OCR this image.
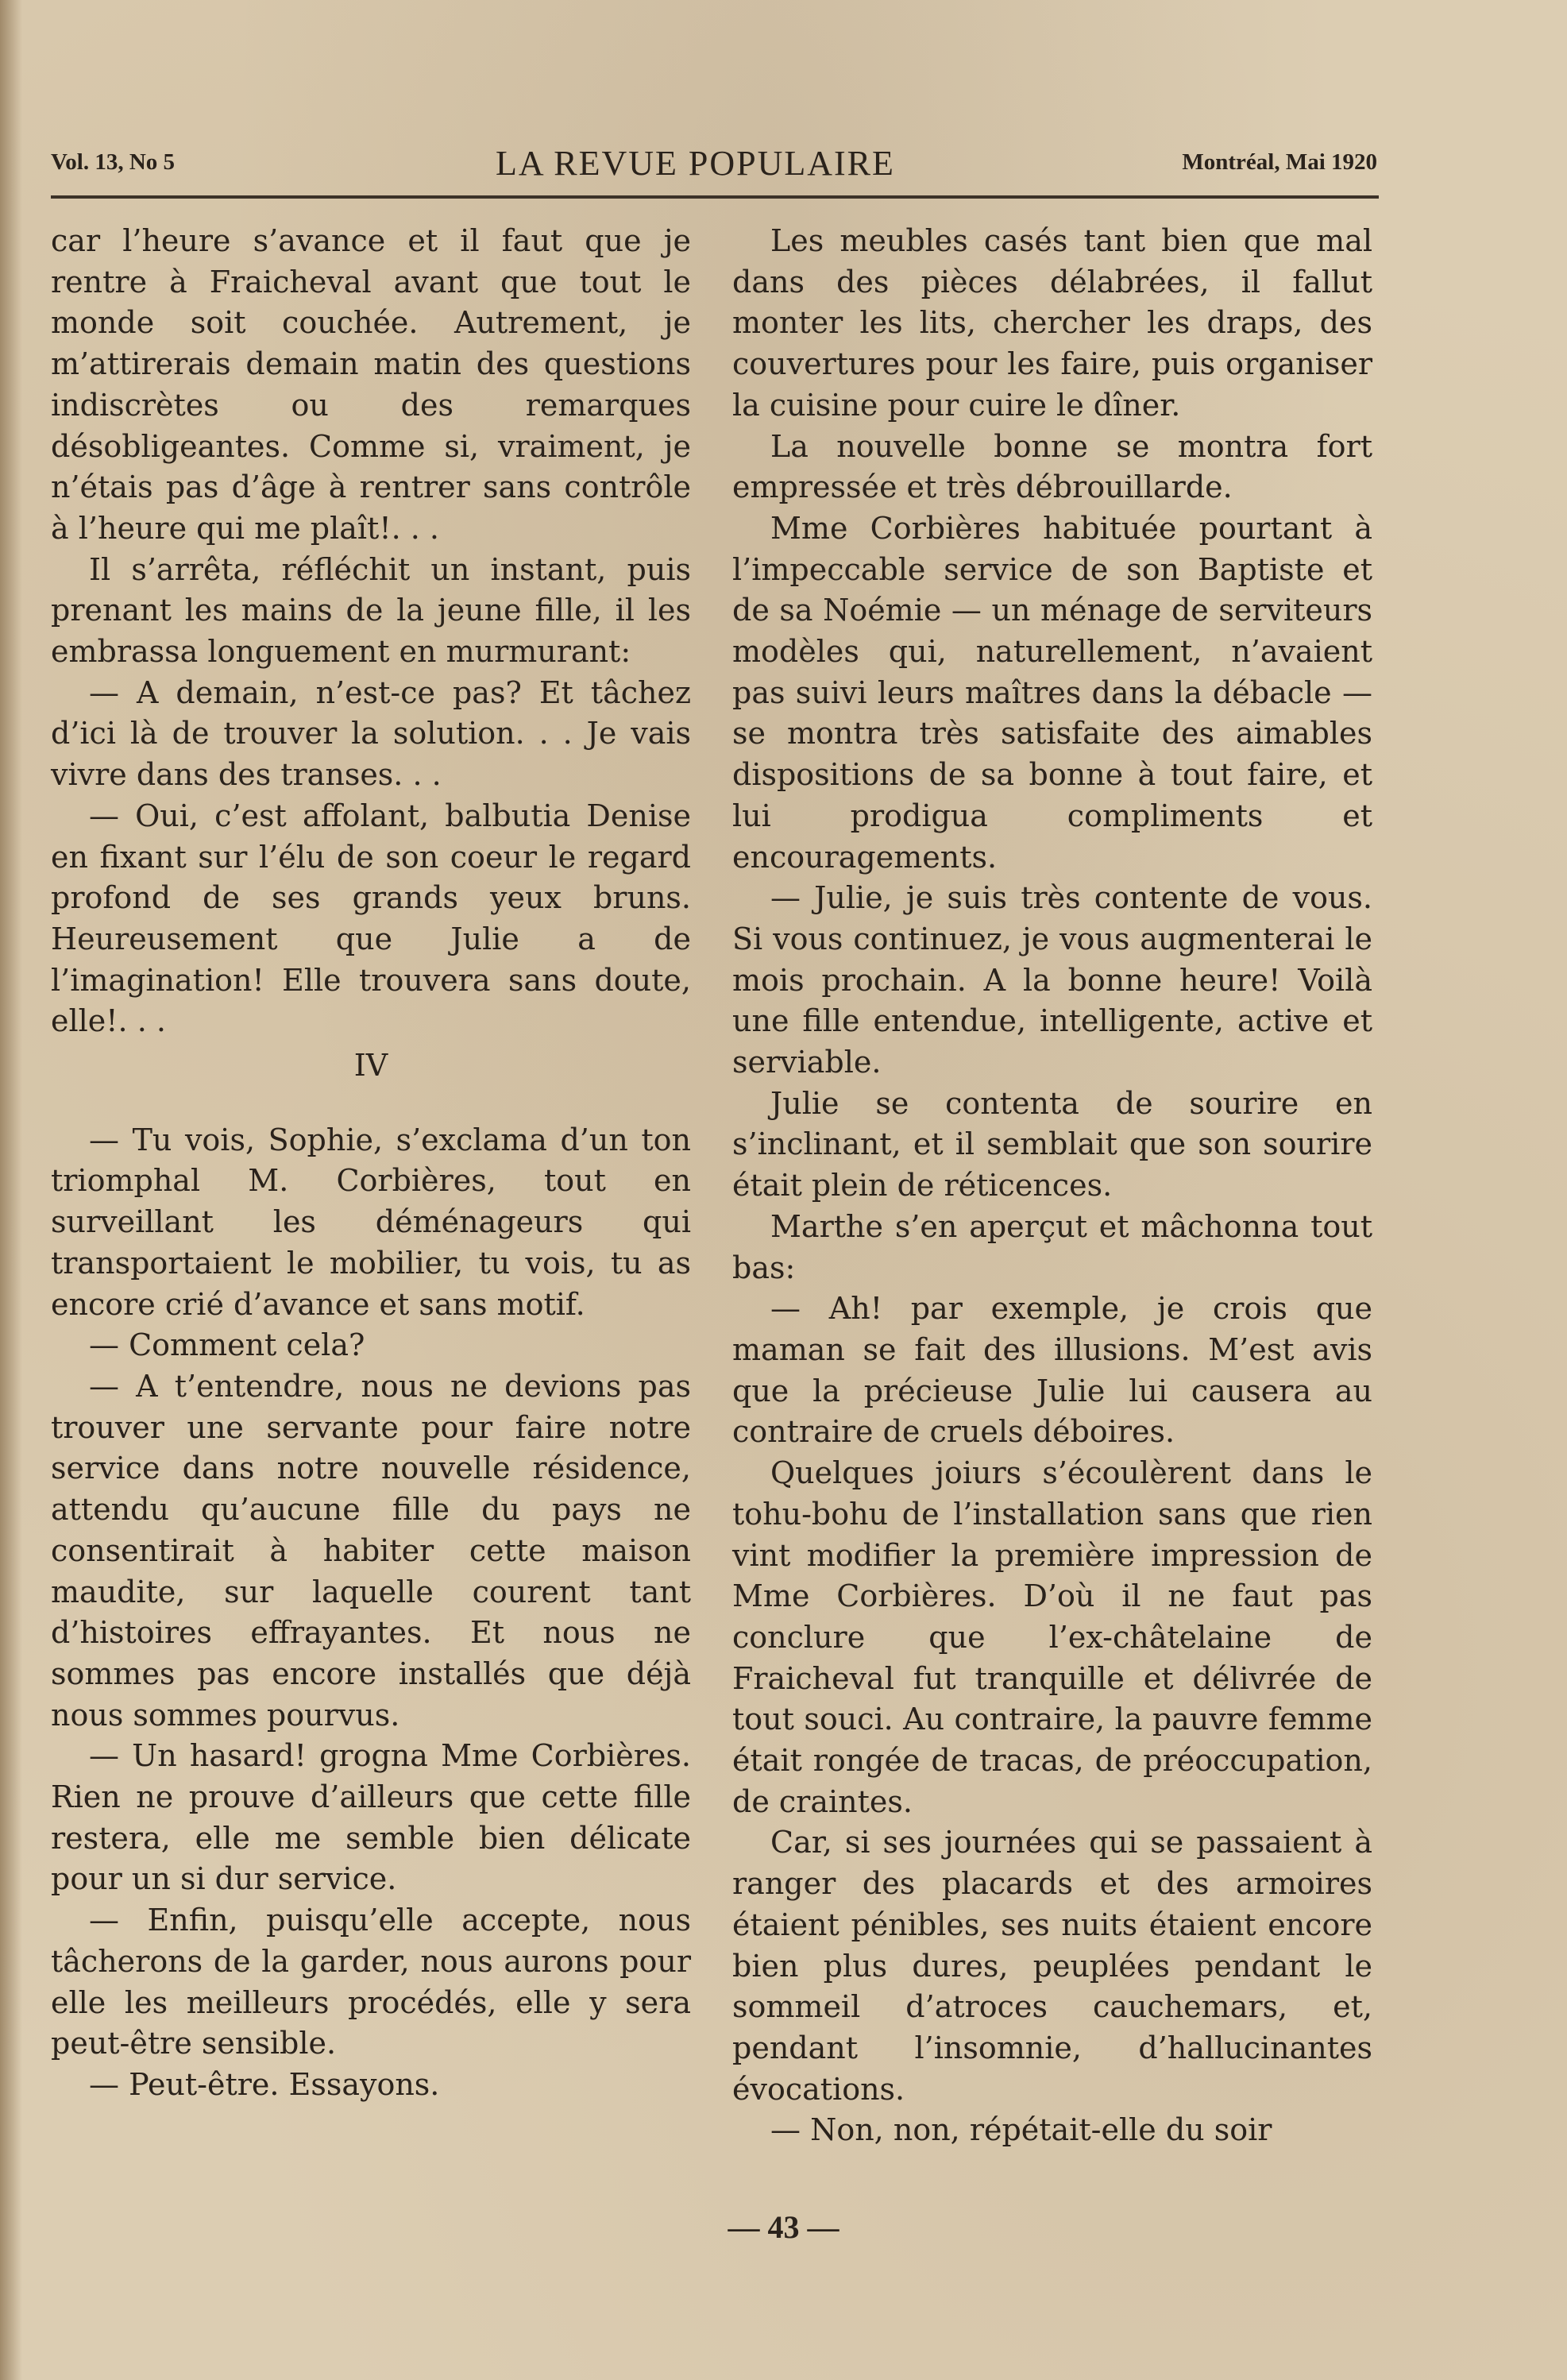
Vol. 13, No 5	LA REVUE POPULAIRE	Montréal, Mai 1920

car l’heure s’avance et il faut que je rentre à Fraicheval avant que tout le monde soit couchée. Autrement, je m’attirerais demain matin des questions indiscrètes ou des remarques désobligeantes. Comme si, vraiment, je n’étais pas d’âge à rentrer sans contrôle à l’heure qui me plaît!. . .

Il s’arrêta, réfléchit un instant, puis prenant les mains de la jeune fille, il les embrassa longuement en murmurant:

— A demain, n’est-ce pas? Et tâchez d’ici là de trouver la solution. . . Je vais vivre dans des transes. . .

— Oui, c’est affolant, balbutia Denise en fixant sur l’élu de son coeur le regard profond de ses grands yeux bruns. Heureusement que Julie a de l’imagination! Elle trouvera sans doute, elle!. . .

IV

— Tu vois, Sophie, s’exclama d’un ton triomphal M. Corbières, tout en surveillant les déménageurs qui transportaient le mobilier, tu vois, tu as encore crié d’avance et sans motif.

— Comment cela?

— A t’entendre, nous ne devions pas trouver une servante pour faire notre service dans notre nouvelle résidence, attendu qu’aucune fille du pays ne consentirait à habiter cette maison maudite, sur laquelle courent tant d’histoires effrayantes. Et nous ne sommes pas encore installés que déjà nous sommes pourvus.

— Un hasard! grogna Mme Corbières. Rien ne prouve d’ailleurs que cette fille restera, elle me semble bien délicate pour un si dur service.

— Enfin, puisqu’elle accepte, nous tâcherons de la garder, nous aurons pour elle les meilleurs procédés, elle y sera peut-être sensible.

— Peut-être. Essayons.

Les meubles casés tant bien que mal dans des pièces délabrées, il fallut monter les lits, chercher les draps, des couvertures pour les faire, puis organiser la cuisine pour cuire le dîner.

La nouvelle bonne se montra fort empressée et très débrouillarde.

Mme Corbières habituée pourtant à l’impeccable service de son Baptiste et de sa Noémie — un ménage de serviteurs modèles qui, naturellement, n’avaient pas suivi leurs maîtres dans la débacle — se montra très satisfaite des aimables dispositions de sa bonne à tout faire, et lui prodigua compliments et encouragements.

— Julie, je suis très contente de vous. Si vous continuez, je vous augmenterai le mois prochain. A la bonne heure! Voilà une fille entendue, intelligente, active et serviable.

Julie se contenta de sourire en s’inclinant, et il semblait que son sourire était plein de réticences.

Marthe s’en aperçut et mâchonna tout bas:

— Ah! par exemple, je crois que maman se fait des illusions. M’est avis que la précieuse Julie lui causera au contraire de cruels déboires.

Quelques joiurs s’écoulèrent dans le tohu-bohu de l’installation sans que rien vint modifier la première impression de Mme Corbières. D’où il ne faut pas conclure que l’ex-châtelaine de Fraicheval fut tranquille et délivrée de tout souci. Au contraire, la pauvre femme était rongée de tracas, de préoccupation, de craintes.

Car, si ses journées qui se passaient à ranger des placards et des armoires étaient pénibles, ses nuits étaient encore bien plus dures, peuplées pendant le sommeil d’atroces cauchemars, et, pendant l’insomnie, d’hallucinantes évocations.

— Non, non, répétait-elle du soir

— 43 —
